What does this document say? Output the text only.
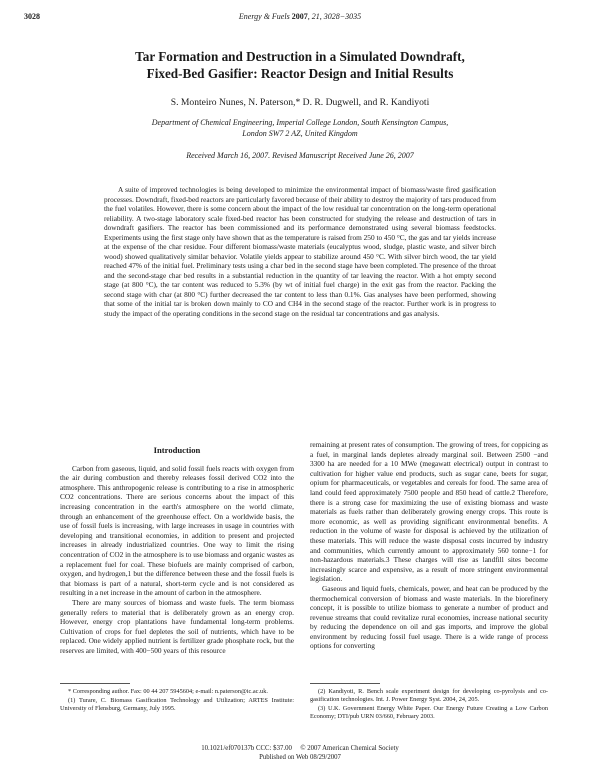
3028	Energy & Fuels 2007, 21, 3028−3035
Tar Formation and Destruction in a Simulated Downdraft,
Fixed-Bed Gasifier: Reactor Design and Initial Results
S. Monteiro Nunes, N. Paterson,* D. R. Dugwell, and R. Kandiyoti
Department of Chemical Engineering, Imperial College London, South Kensington Campus,
London SW7 2 AZ, United Kingdom
Received March 16, 2007. Revised Manuscript Received June 26, 2007
A suite of improved technologies is being developed to minimize the environmental impact of biomass/waste fired gasification processes. Downdraft, fixed-bed reactors are particularly favored because of their ability to destroy the majority of tars produced from the fuel volatiles. However, there is some concern about the impact of the low residual tar concentration on the long-term operational reliability. A two-stage laboratory scale fixed-bed reactor has been constructed for studying the release and destruction of tars in downdraft gasifiers. The reactor has been commissioned and its performance demonstrated using several biomass feedstocks. Experiments using the first stage only have shown that as the temperature is raised from 250 to 450 °C, the gas and tar yields increase at the expense of the char residue. Four different biomass/waste materials (eucalyptus wood, sludge, plastic waste, and silver birch wood) showed qualitatively similar behavior. Volatile yields appear to stabilize around 450 °C. With silver birch wood, the tar yield reached 47% of the initial fuel. Preliminary tests using a char bed in the second stage have been completed. The presence of the throat and the second-stage char bed results in a substantial reduction in the quantity of tar leaving the reactor. With a hot empty second stage (at 800 °C), the tar content was reduced to 5.3% (by wt of initial fuel charge) in the exit gas from the reactor. Packing the second stage with char (at 800 °C) further decreased the tar content to less than 0.1%. Gas analyses have been performed, showing that some of the initial tar is broken down mainly to CO and CH4 in the second stage of the reactor. Further work is in progress to study the impact of the operating conditions in the second stage on the residual tar concentrations and gas analysis.
Introduction

Carbon from gaseous, liquid, and solid fossil fuels reacts with oxygen from the air during combustion and thereby releases fossil derived CO2 into the atmosphere. This anthropogenic release is contributing to a rise in atmospheric CO2 concentrations. There are serious concerns about the impact of this increasing concentration in the earth's atmosphere on the world climate, through an enhancement of the greenhouse effect. On a worldwide basis, the use of fossil fuels is increasing, with large increases in usage in countries with developing and transitional economies, in addition to present and projected increases in already industrialized countries. One way to limit the rising concentration of CO2 in the atmosphere is to use biomass and organic wastes as a replacement fuel for coal. These biofuels are mainly comprised of carbon, oxygen, and hydrogen,1 but the difference between these and the fossil fuels is that biomass is part of a natural, short-term cycle and is not considered as resulting in a net increase in the amount of carbon in the atmosphere.

There are many sources of biomass and waste fuels. The term biomass generally refers to material that is deliberately grown as an energy crop. However, energy crop plantations have fundamental long-term problems. Cultivation of crops for fuel depletes the soil of nutrients, which have to be replaced. One widely applied nutrient is fertilizer grade phosphate rock, but the reserves are limited, with 400−500 years of this resource

remaining at present rates of consumption. The growing of trees, for coppicing as a fuel, in marginal lands depletes already marginal soil. Between 2500 −and 3300 ha are needed for a 10 MWe (megawatt electrical) output in contrast to cultivation for higher value end products, such as sugar cane, beets for sugar, opium for pharmaceuticals, or vegetables and cereals for food. The same area of land could feed approximately 7500 people and 850 head of cattle.2 Therefore, there is a strong case for maximizing the use of existing biomass and waste materials as fuels rather than deliberately growing energy crops. This route is more economic, as well as providing significant environmental benefits. A reduction in the volume of waste for disposal is achieved by the utilization of these materials. This will reduce the waste disposal costs incurred by industry and communities, which currently amount to approximately 560 tonne−1 for non-hazardous materials.3 These charges will rise as landfill sites become increasingly scarce and expensive, as a result of more stringent environmental legislation.

Gaseous and liquid fuels, chemicals, power, and heat can be produced by the thermochemical conversion of biomass and waste materials. In the biorefinery concept, it is possible to utilize biomass to generate a number of product and revenue streams that could revitalize rural economies, increase national security by reducing the dependence on oil and gas imports, and improve the global environment by reducing fossil fuel usage. There is a wide range of process options for converting

* Corresponding author. Fax: 00 44 207 5945604; e-mail: n.paterson@ic.ac.uk.

(1) Turare, C. Biomass Gasification Technology and Utilization; ARTES Institute: University of Flensburg, Germany, July 1995.

(2) Kandiyoti, R. Bench scale experiment design for developing co-pyrolysis and co-gasification technologies. Int. J. Power Energy Syst. 2004, 24, 205.

(3) U.K. Government Energy White Paper. Our Energy Future Creating a Low Carbon Economy; DTI/pub URN 03/660, February 2003.

10.1021/ef070137b CCC: $37.00     © 2007 American Chemical Society
Published on Web 08/29/2007
